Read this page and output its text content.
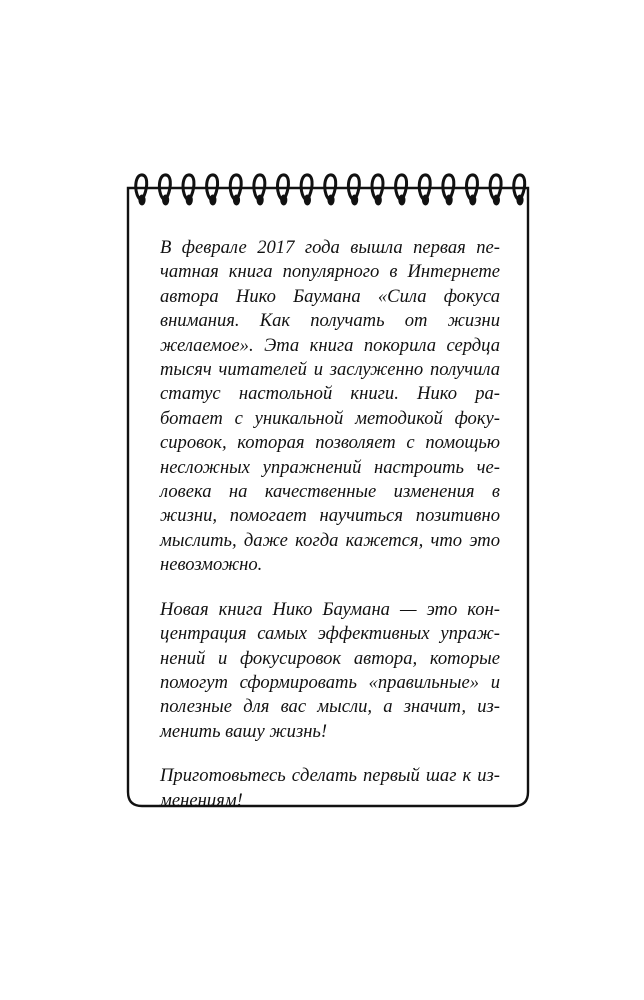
В феврале 2017 года вышла первая печатная книга популярного в Интернете автора Нико Баумана «Сила фокуса внимания. Как получать от жизни желаемое». Эта книга покорила сердца тысяч читателей и заслуженно получила статус настольной книги. Нико работает с уникальной методикой фокусировок, которая позволяет с помощью несложных упражнений настроить человека на качественные изменения в жизни, помогает научиться позитивно мыслить, даже когда кажется, что это невозможно.

Новая книга Нико Баумана — это концентрация самых эффективных упражнений и фокусировок автора, которые помогут сформировать «правильные» и полезные для вас мысли, а значит, изменить вашу жизнь!

Приготовьтесь сделать первый шаг к изменениям!
